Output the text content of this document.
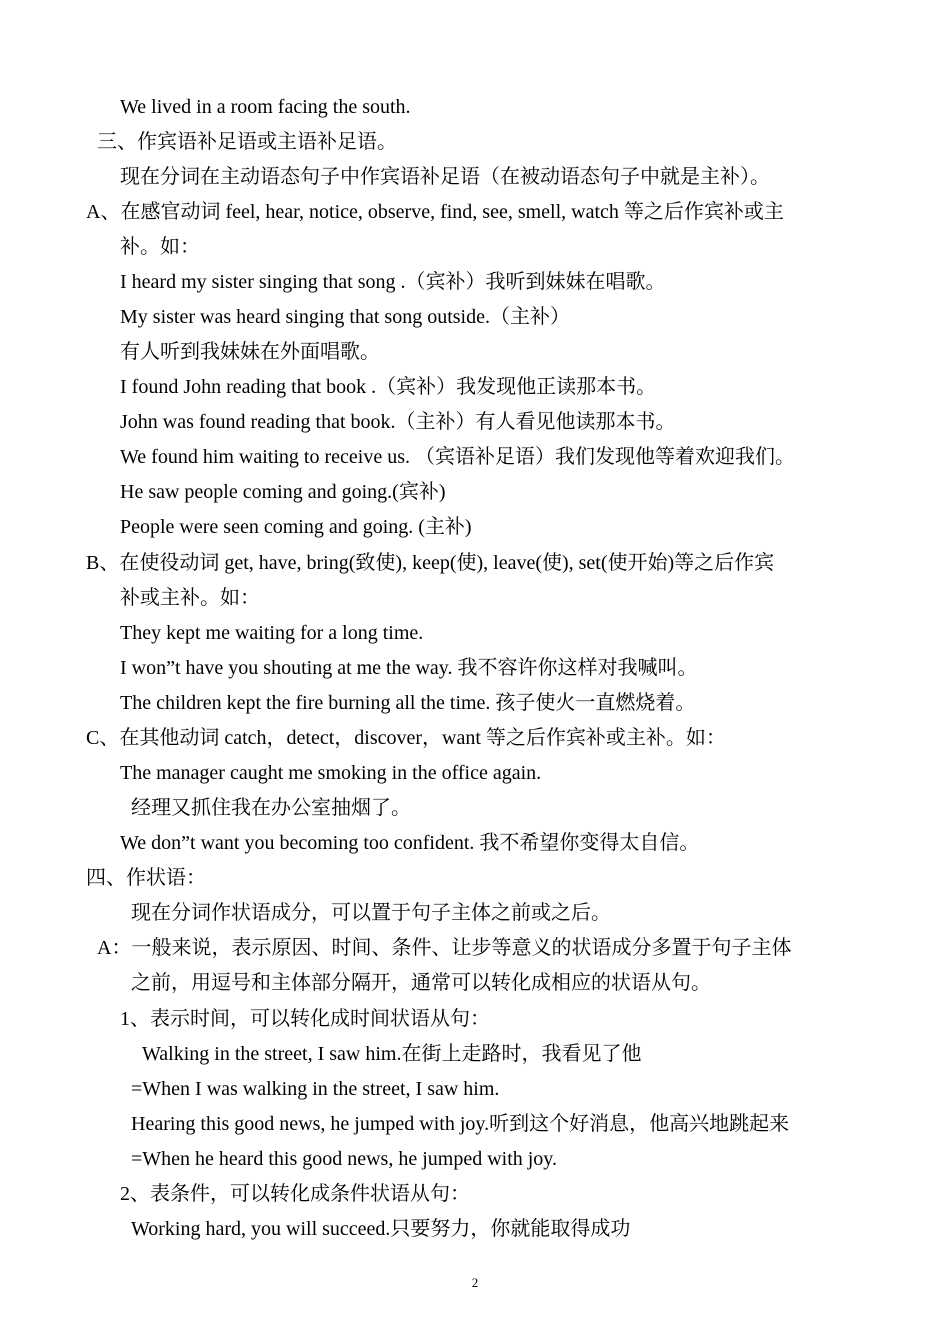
We lived in a room facing the south.
三、作宾语补足语或主语补足语。
现在分词在主动语态句子中作宾语补足语（在被动语态句子中就是主补）。
A、在感官动词 feel, hear, notice, observe, find, see, smell, watch 等之后作宾补或主
补。如：
I heard my sister singing that song .（宾补）我听到妹妹在唱歌。
My sister was heard singing that song outside.（主补）
有人听到我妹妹在外面唱歌。
I found John reading that book .（宾补）我发现他正读那本书。
John was found reading that book.（主补）有人看见他读那本书。
We found him waiting to receive us. （宾语补足语）我们发现他等着欢迎我们。
He saw people coming and going.(宾补)
People were seen coming and going. (主补)
B、在使役动词 get, have, bring(致使), keep(使), leave(使), set(使开始)等之后作宾
补或主补。如：
They kept me waiting for a long time.
I won”t have you shouting at me the way. 我不容许你这样对我喊叫。
The children kept the fire burning all the time. 孩子使火一直燃烧着。
C、在其他动词 catch，detect，discover，want 等之后作宾补或主补。如：
The manager caught me smoking in the office again.
经理又抓住我在办公室抽烟了。
We don”t want you becoming too confident. 我不希望你变得太自信。
四、作状语：
现在分词作状语成分，可以置于句子主体之前或之后。
A：一般来说，表示原因、时间、条件、让步等意义的状语成分多置于句子主体
之前，用逗号和主体部分隔开，通常可以转化成相应的状语从句。
1、表示时间，可以转化成时间状语从句：
Walking in the street, I saw him.在街上走路时，我看见了他
=When I was walking in the street, I saw him.
Hearing this good news, he jumped with joy.听到这个好消息，他高兴地跳起来
=When he heard this good news, he jumped with joy.
2、表条件，可以转化成条件状语从句：
Working hard, you will succeed.只要努力，你就能取得成功
2
